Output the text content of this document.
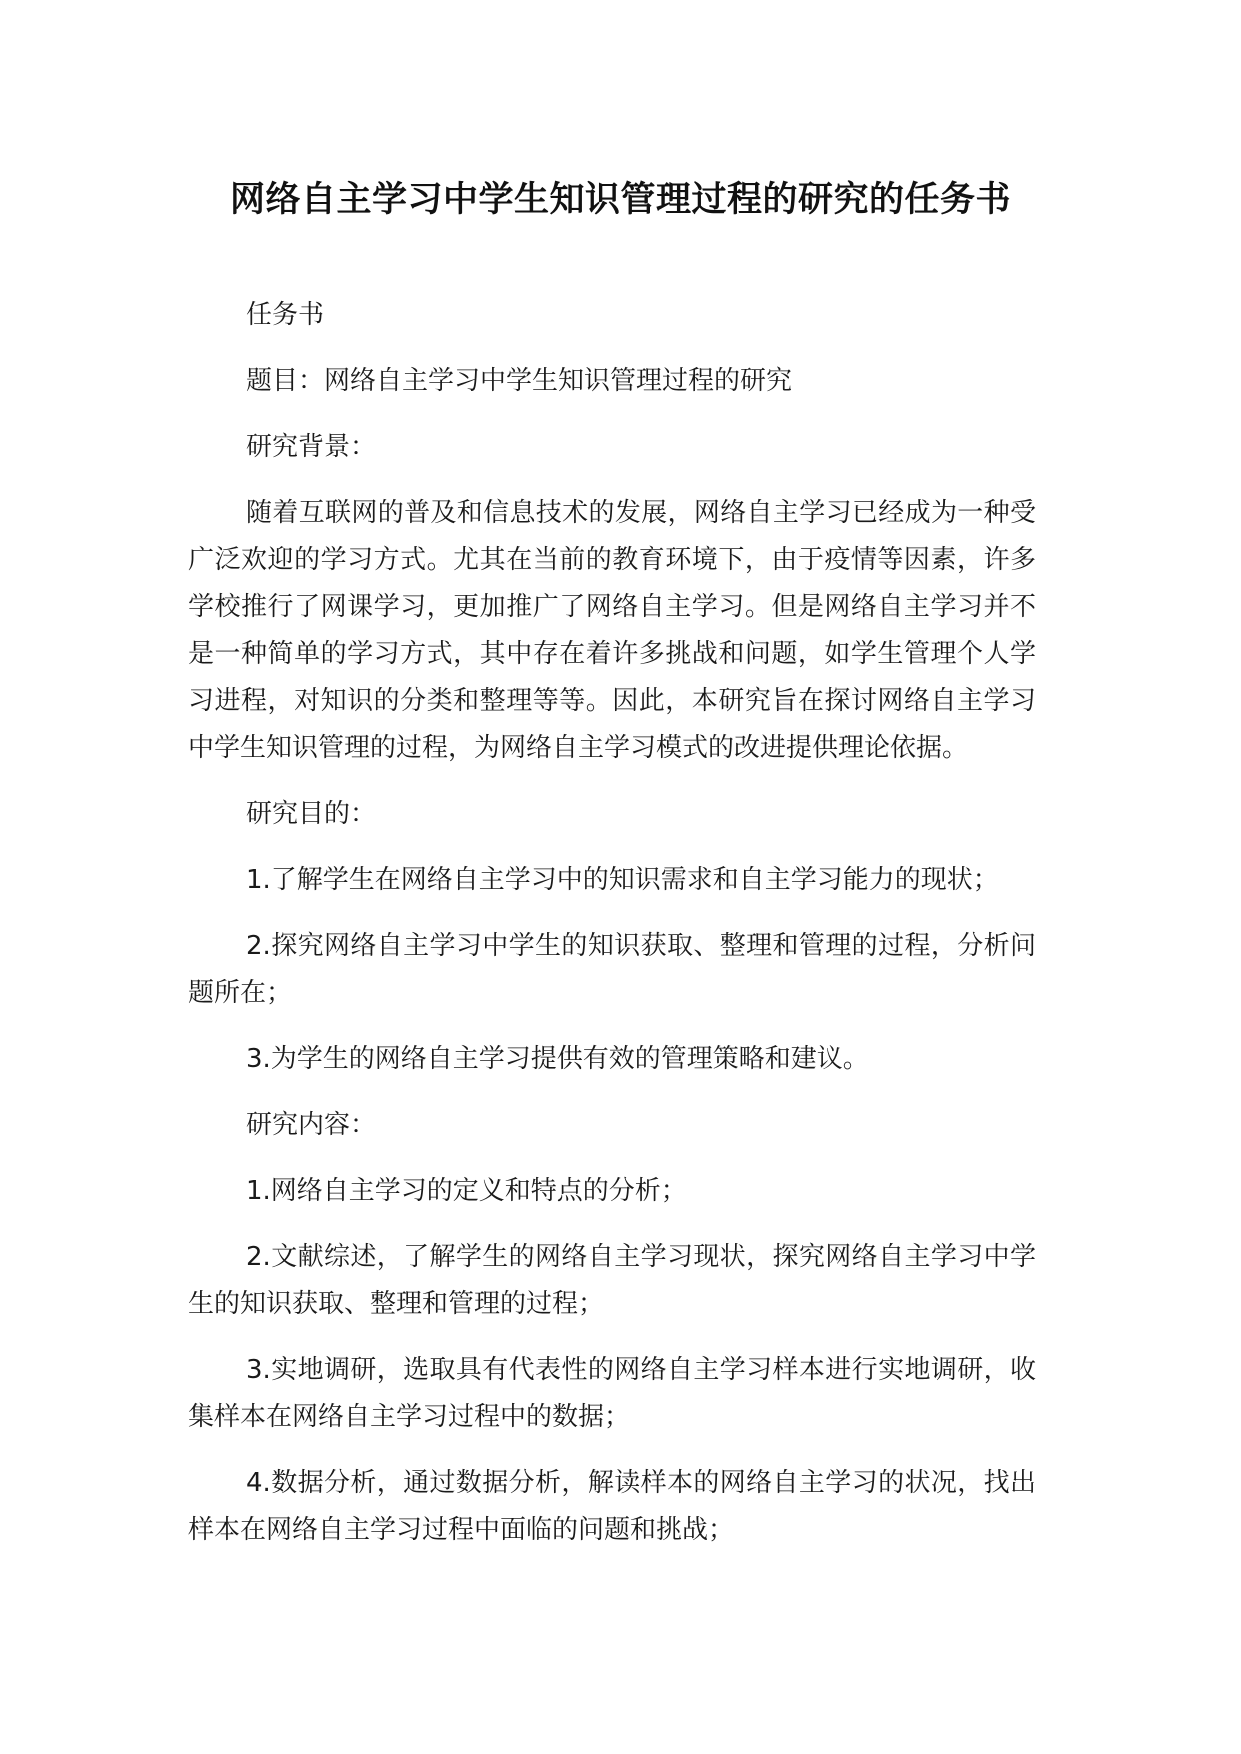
网络自主学习中学生知识管理过程的研究的任务书

任务书

题目：网络自主学习中学生知识管理过程的研究

研究背景：

随着互联网的普及和信息技术的发展，网络自主学习已经成为一种受广泛欢迎的学习方式。尤其在当前的教育环境下，由于疫情等因素，许多学校推行了网课学习，更加推广了网络自主学习。但是网络自主学习并不是一种简单的学习方式，其中存在着许多挑战和问题，如学生管理个人学习进程，对知识的分类和整理等等。因此，本研究旨在探讨网络自主学习中学生知识管理的过程，为网络自主学习模式的改进提供理论依据。

研究目的：

1.了解学生在网络自主学习中的知识需求和自主学习能力的现状；

2.探究网络自主学习中学生的知识获取、整理和管理的过程，分析问题所在；

3.为学生的网络自主学习提供有效的管理策略和建议。

研究内容：

1.网络自主学习的定义和特点的分析；

2.文献综述，了解学生的网络自主学习现状，探究网络自主学习中学生的知识获取、整理和管理的过程；

3.实地调研，选取具有代表性的网络自主学习样本进行实地调研，收集样本在网络自主学习过程中的数据；

4.数据分析，通过数据分析，解读样本的网络自主学习的状况，找出样本在网络自主学习过程中面临的问题和挑战；
